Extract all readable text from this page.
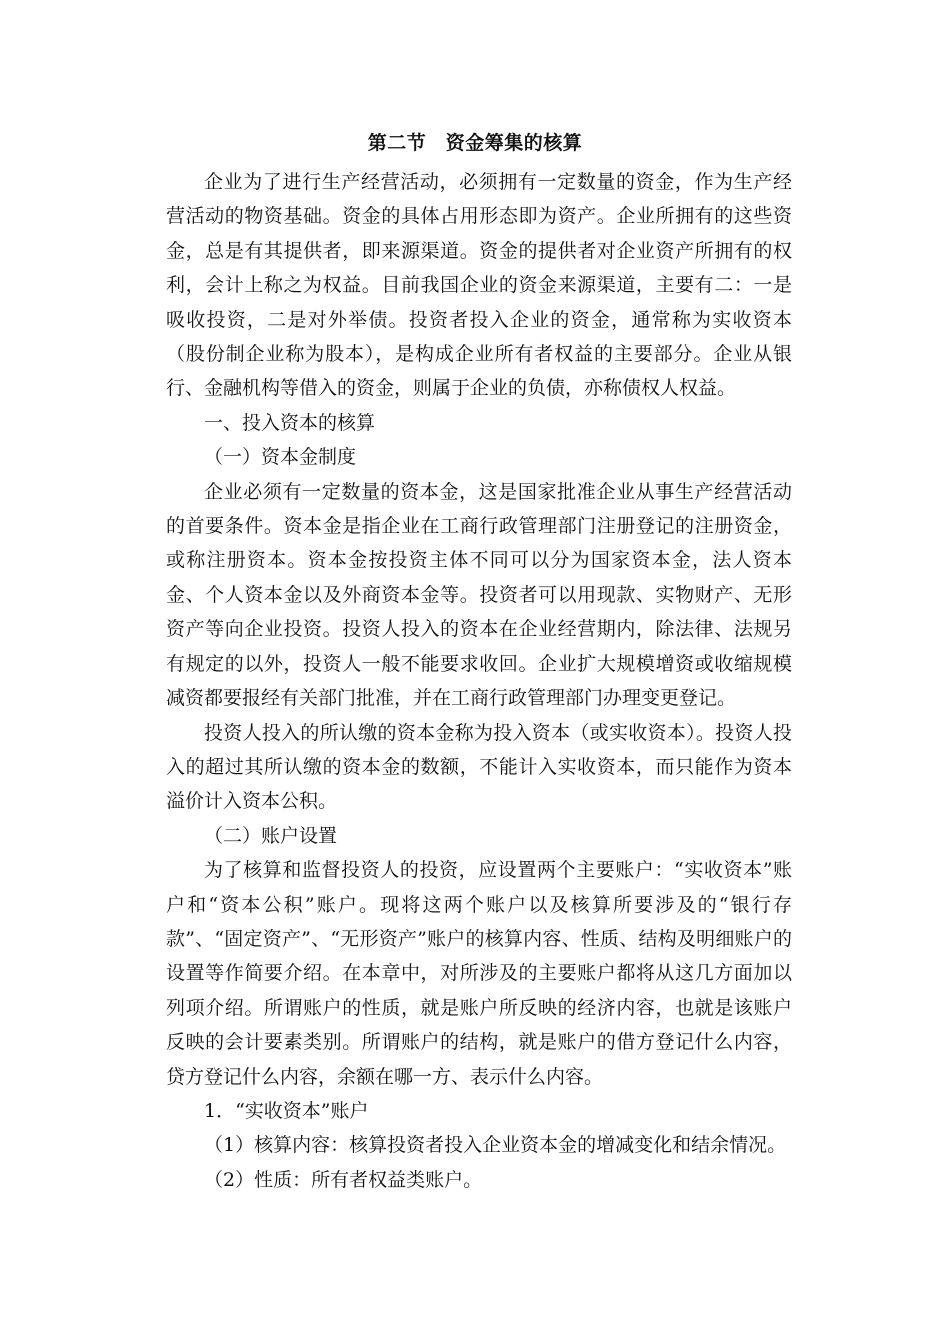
第二节　资金筹集的核算

企业为了进行生产经营活动，必须拥有一定数量的资金，作为生产经营活动的物资基础。资金的具体占用形态即为资产。企业所拥有的这些资金，总是有其提供者，即来源渠道。资金的提供者对企业资产所拥有的权利，会计上称之为权益。目前我国企业的资金来源渠道，主要有二：一是吸收投资，二是对外举债。投资者投入企业的资金，通常称为实收资本（股份制企业称为股本），是构成企业所有者权益的主要部分。企业从银行、金融机构等借入的资金，则属于企业的负债，亦称债权人权益。

一、投入资本的核算

（一）资本金制度

企业必须有一定数量的资本金，这是国家批准企业从事生产经营活动的首要条件。资本金是指企业在工商行政管理部门注册登记的注册资金，或称注册资本。资本金按投资主体不同可以分为国家资本金，法人资本金、个人资本金以及外商资本金等。投资者可以用现款、实物财产、无形资产等向企业投资。投资人投入的资本在企业经营期内，除法律、法规另有规定的以外，投资人一般不能要求收回。企业扩大规模增资或收缩规模减资都要报经有关部门批准，并在工商行政管理部门办理变更登记。

投资人投入的所认缴的资本金称为投入资本（或实收资本）。投资人投入的超过其所认缴的资本金的数额，不能计入实收资本，而只能作为资本溢价计入资本公积。

（二）账户设置

为了核算和监督投资人的投资，应设置两个主要账户：“实收资本”账户和“资本公积”账户。现将这两个账户以及核算所要涉及的“银行存款”、“固定资产”、“无形资产”账户的核算内容、性质、结构及明细账户的设置等作简要介绍。在本章中，对所涉及的主要账户都将从这几方面加以列项介绍。所谓账户的性质，就是账户所反映的经济内容，也就是该账户反映的会计要素类别。所谓账户的结构，就是账户的借方登记什么内容，贷方登记什么内容，余额在哪一方、表示什么内容。

1．“实收资本”账户

（1）核算内容：核算投资者投入企业资本金的增减变化和结余情况。

（2）性质：所有者权益类账户。
